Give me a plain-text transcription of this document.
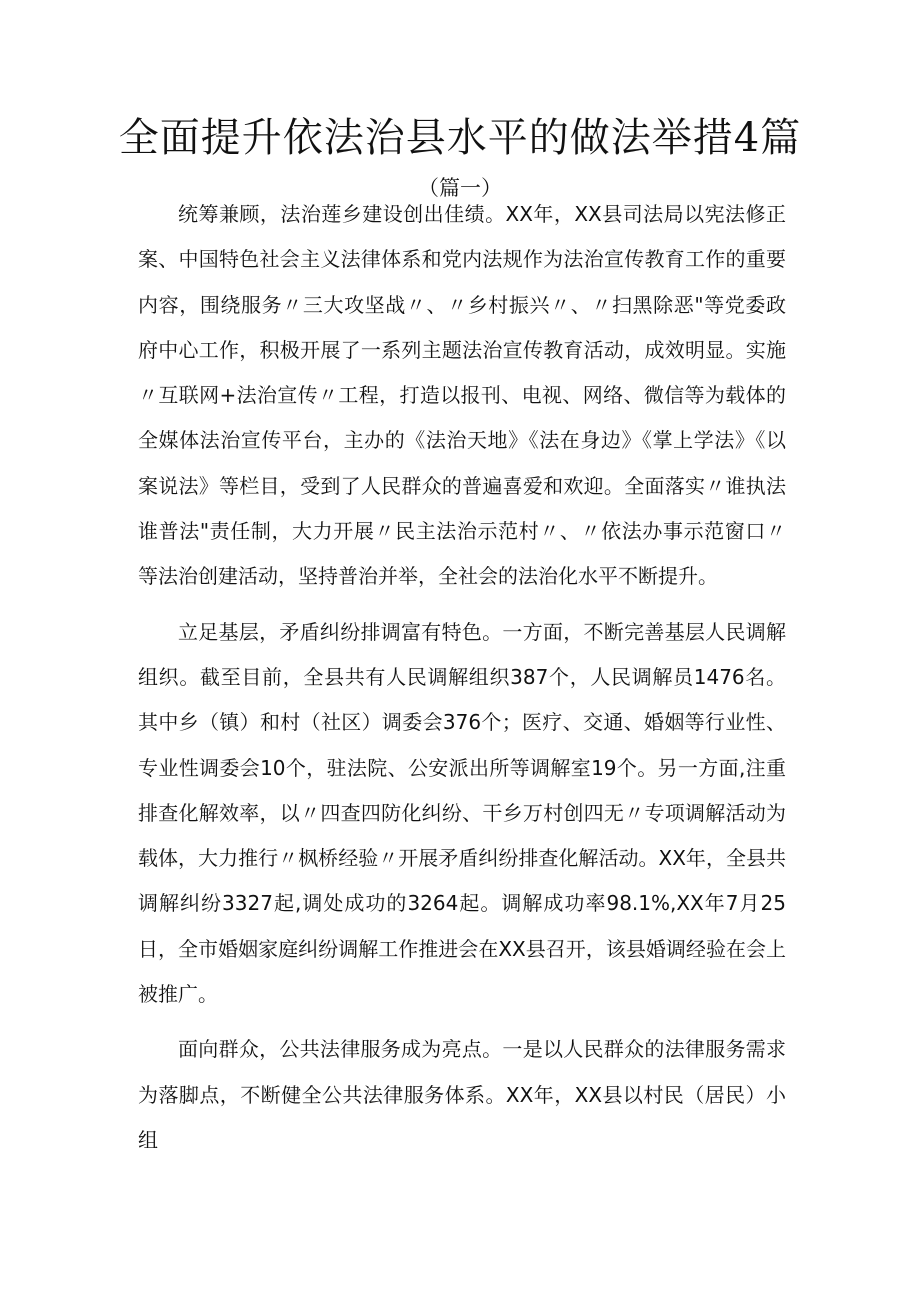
全面提升依法治县水平的做法举措4篇
（篇一）

统筹兼顾，法治莲乡建设创出佳绩。XX年，XX县司法局以宪法修正案、中国特色社会主义法律体系和党内法规作为法治宣传教育工作的重要内容，围绕服务〃三大攻坚战〃、〃乡村振兴〃、〃扫黑除恶"等党委政府中心工作，积极开展了一系列主题法治宣传教育活动，成效明显。实施〃互联网+法治宣传〃工程，打造以报刊、电视、网络、微信等为载体的全媒体法治宣传平台，主办的《法治天地》《法在身边》《掌上学法》《以案说法》等栏目，受到了人民群众的普遍喜爱和欢迎。全面落实〃谁执法谁普法"责任制，大力开展〃民主法治示范村〃、〃依法办事示范窗口〃等法治创建活动，坚持普治并举，全社会的法治化水平不断提升。

立足基层，矛盾纠纷排调富有特色。一方面，不断完善基层人民调解组织。截至目前，全县共有人民调解组织387个，人民调解员1476名。其中乡（镇）和村（社区）调委会376个；医疗、交通、婚姻等行业性、专业性调委会10个，驻法院、公安派出所等调解室19个。另一方面,注重排查化解效率，以〃四查四防化纠纷、干乡万村创四无〃专项调解活动为载体，大力推行〃枫桥经验〃开展矛盾纠纷排查化解活动。XX年，全县共调解纠纷3327起,调处成功的3264起。调解成功率98.1%,XX年7月25日，全市婚姻家庭纠纷调解工作推进会在XX县召开，该县婚调经验在会上被推广。

面向群众，公共法律服务成为亮点。一是以人民群众的法律服务需求为落脚点，不断健全公共法律服务体系。XX年，XX县以村民（居民）小组
